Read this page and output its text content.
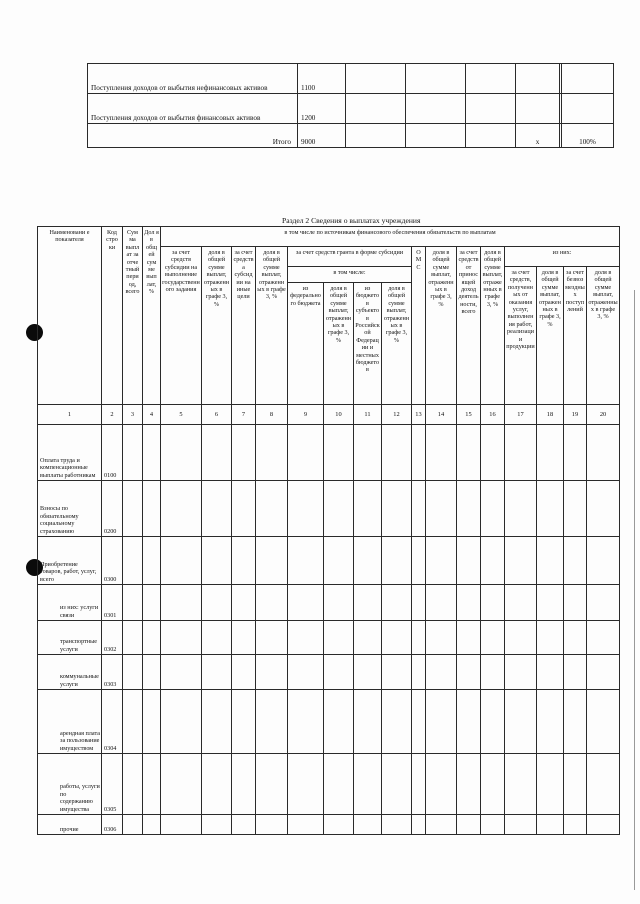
Поступления доходов от выбытия нефинансовых активов	1100						
Поступления доходов от выбытия финансовых активов	1200						
Итого	9000				х		100%
Раздел 2 Сведения о выплатах учреждения
Наименовани е показателя	Код стро ки	Сум ма выпл ат за отче тный пери од, всего	Дол я в общ ей сум ме вып лат, %	в том числе по источникам финансового обеспечения обязательств по выплатам															
				за счет средств субсидии на выполнение государственного задания	доля в общей сумме выплат, отраженных в графе 3, %	за счет средства субсидии на иные цели	доля в общей сумме выплат, отраженных в графе 3, %	за счет средств гранта в форме субсидии				О М С	доля в общей сумме выплат, отраженных в графе 3, %	за счет средств от приносящей доход деятельности, всего	доля в общей сумме выплат, отраженных в графе 3, %	из них:			
								в том числе:								за счет средств, полученных от оказания услуг, выполнения работ, реализации продукции	доля в общей сумме выплат, отраженных в графе 3, %	за счет безвозмездных поступлений	доля в общей сумме выплат, отраженных в графе 3, %
								из федерального бюджета	доля в общей сумме выплат, отраженных в графе 3, %	из бюджетов субъектов Российской Федерации и местных бюджетов	доля в общей сумме выплат, отраженных в графе 3, %								
1	2	3	4	5	6	7	8	9	10	11	12	13	14	15	16	17	18	19	20
Оплата труда и компенсационные выплаты работникам	0100																		
Взносы по обязательному социальному страхованию	0200																		
Приобретение товаров, работ, услуг, всего	0300																		
из них: услуги связи	0301																		
транспортные услуги	0302																		
коммунальные услуги	0303																		
арендная плата за пользование имуществом	0304																		
работы, услуги по содержанию имущества	0305																		
прочие	0306																		
